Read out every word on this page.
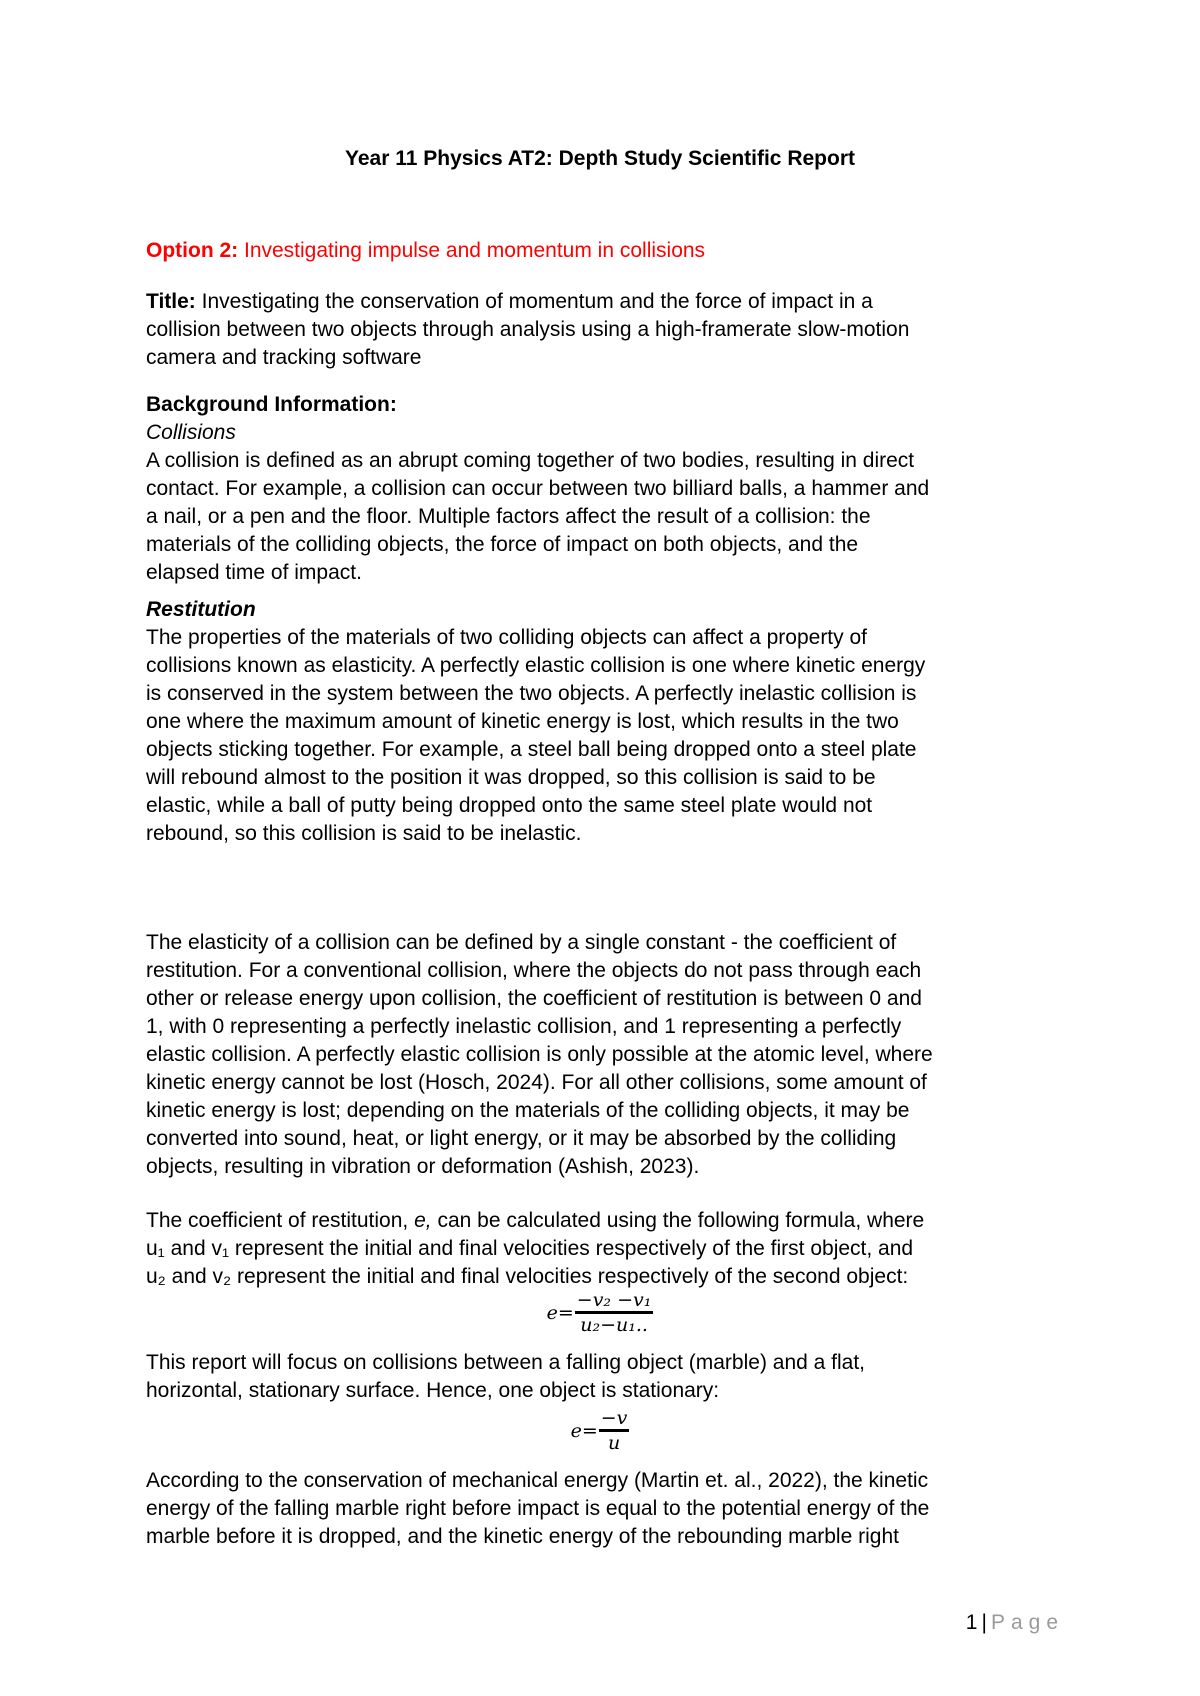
Year 11 Physics AT2: Depth Study Scientific Report
Option 2: Investigating impulse and momentum in collisions
Title: Investigating the conservation of momentum and the force of impact in a
collision between two objects through analysis using a high-framerate slow-motion
camera and tracking software
Background Information:
Collisions
A collision is defined as an abrupt coming together of two bodies, resulting in direct
contact. For example, a collision can occur between two billiard balls, a hammer and
a nail, or a pen and the floor. Multiple factors affect the result of a collision: the
materials of the colliding objects, the force of impact on both objects, and the
elapsed time of impact.
Restitution
The properties of the materials of two colliding objects can affect a property of
collisions known as elasticity. A perfectly elastic collision is one where kinetic energy
is conserved in the system between the two objects. A perfectly inelastic collision is
one where the maximum amount of kinetic energy is lost, which results in the two
objects sticking together. For example, a steel ball being dropped onto a steel plate
will rebound almost to the position it was dropped, so this collision is said to be
elastic, while a ball of putty being dropped onto the same steel plate would not
rebound, so this collision is said to be inelastic.
The elasticity of a collision can be defined by a single constant - the coefficient of
restitution. For a conventional collision, where the objects do not pass through each
other or release energy upon collision, the coefficient of restitution is between 0 and
1, with 0 representing a perfectly inelastic collision, and 1 representing a perfectly
elastic collision. A perfectly elastic collision is only possible at the atomic level, where
kinetic energy cannot be lost (Hosch, 2024). For all other collisions, some amount of
kinetic energy is lost; depending on the materials of the colliding objects, it may be
converted into sound, heat, or light energy, or it may be absorbed by the colliding
objects, resulting in vibration or deformation (Ashish, 2023).
The coefficient of restitution, e, can be calculated using the following formula, where
u₁ and v₁ represent the initial and final velocities respectively of the first object, and
u₂ and v₂ represent the initial and final velocities respectively of the second object:
$e= \frac{\text{−v₂ −v₁}}{\text{u₂−u₁..}}$
This report will focus on collisions between a falling object (marble) and a flat,
horizontal, stationary surface. Hence, one object is stationary:
$e= \frac{-v}{u}$
According to the conservation of mechanical energy (Martin et. al., 2022), the kinetic
energy of the falling marble right before impact is equal to the potential energy of the
marble before it is dropped, and the kinetic energy of the rebounding marble right
1 | Page
